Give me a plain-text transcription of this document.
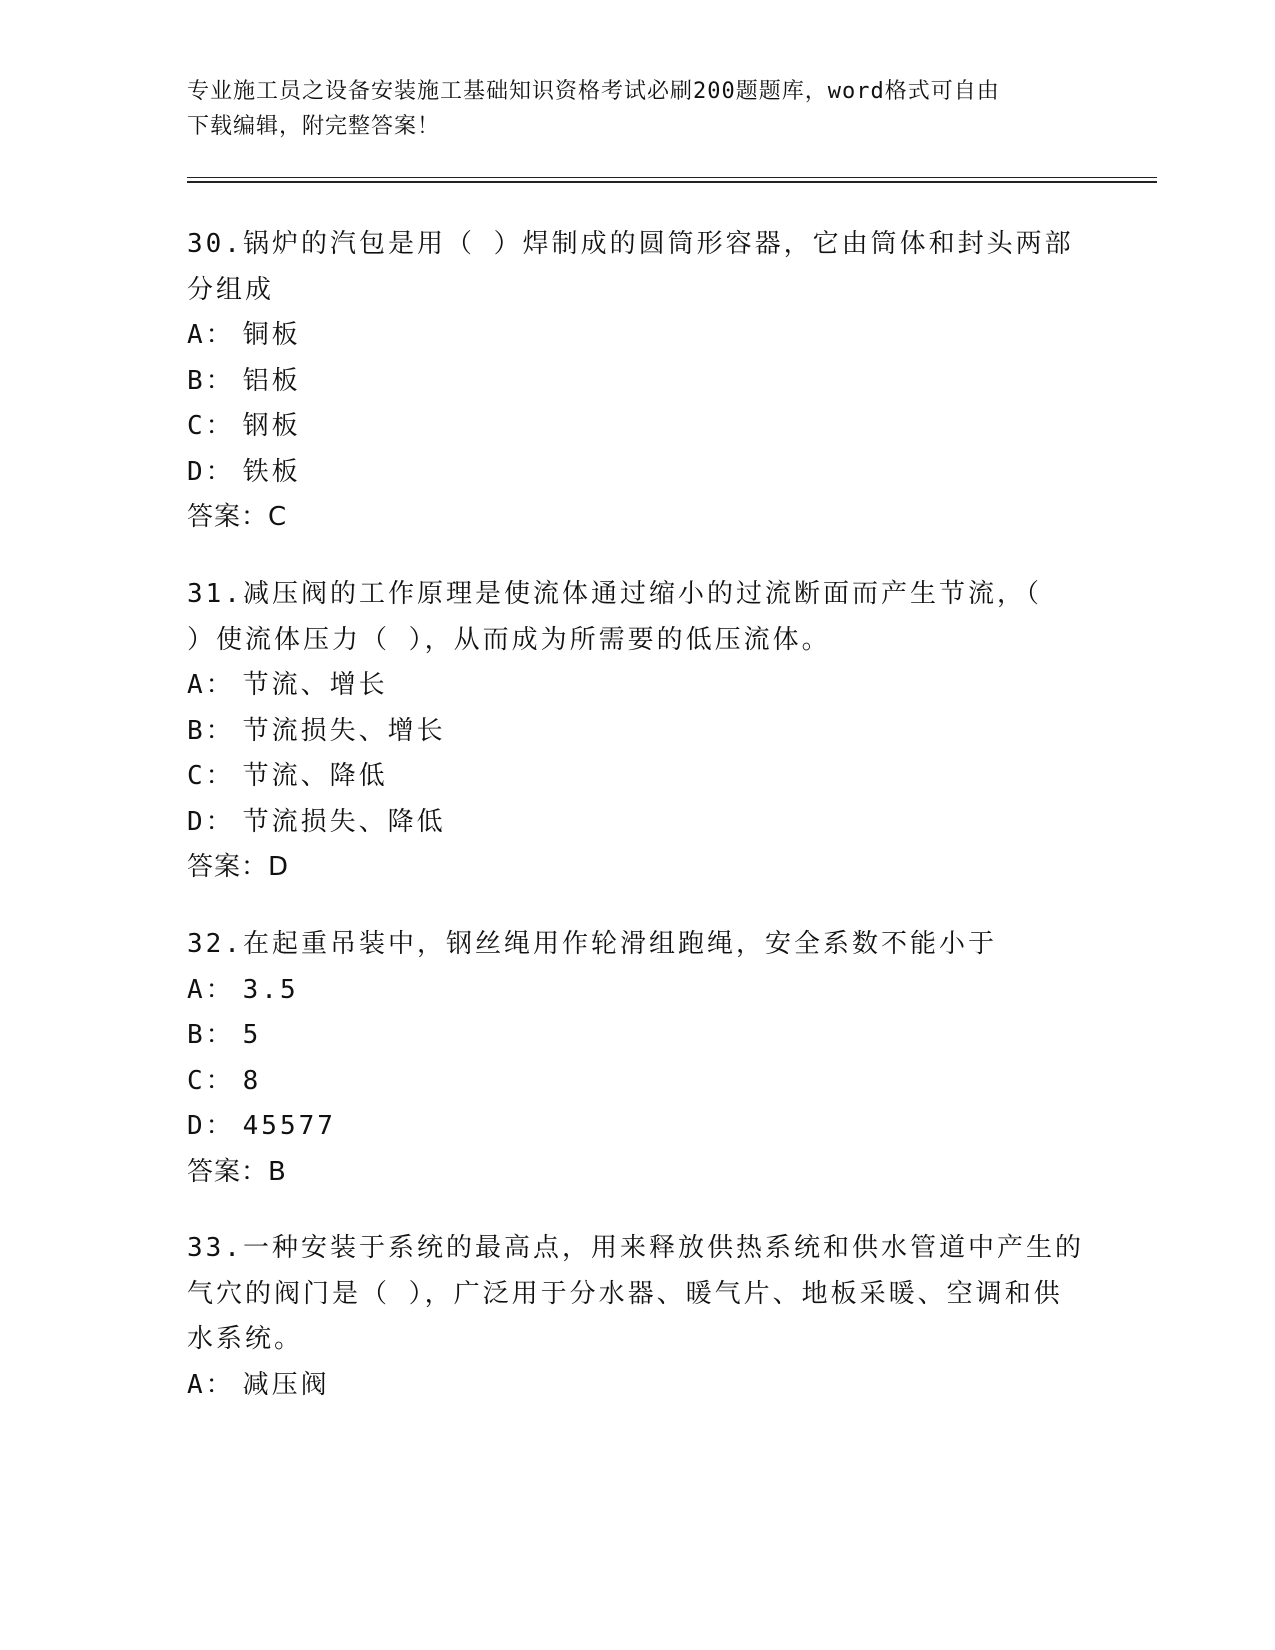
专业施工员之设备安装施工基础知识资格考试必刷200题题库，word格式可自由
下载编辑，附完整答案！
30.锅炉的汽包是用（ ）焊制成的圆筒形容器，它由筒体和封头两部
分组成
A： 铜板
B： 铝板
C： 钢板
D： 铁板
答案：C
31.减压阀的工作原理是使流体通过缩小的过流断面而产生节流，（
）使流体压力（ ），从而成为所需要的低压流体。
A： 节流、增长
B： 节流损失、增长
C： 节流、降低
D： 节流损失、降低
答案：D
32.在起重吊装中，钢丝绳用作轮滑组跑绳，安全系数不能小于
A： 3.5
B： 5
C： 8
D： 45577
答案：B
33.一种安装于系统的最高点，用来释放供热系统和供水管道中产生的
气穴的阀门是（ ），广泛用于分水器、暖气片、地板采暖、空调和供
水系统。
A： 减压阀
